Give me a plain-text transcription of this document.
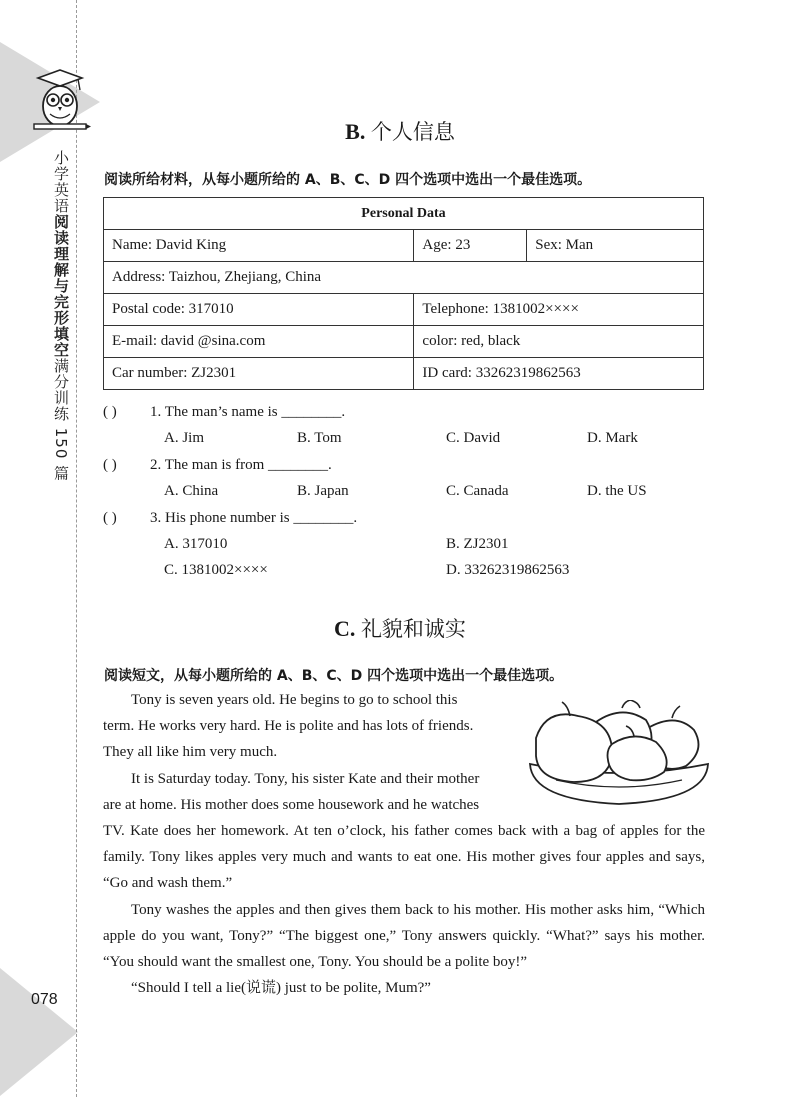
小学英语阅读理解与完形填空满分训练 150 篇
078
B. 个人信息
阅读所给材料，从每小题所给的 A、B、C、D 四个选项中选出一个最佳选项。
Personal Data		
Name: David King	Age: 23	Sex: Man
Address: Taizhou, Zhejiang, China		
Postal code: 317010	Telephone: 1381002××××	
E-mail: david @sina.com	color: red, black	
Car number: ZJ2301	ID card: 33262319862563	
( ) 1. The man’s name is ________.
A. Jim	B. Tom	C. David	D. Mark
( ) 2. The man is from ________.
A. China	B. Japan	C. Canada	D. the US
( ) 3. His phone number is ________.
A. 317010	B. ZJ2301
C. 1381002××××	D. 33262319862563
C. 礼貌和诚实
阅读短文，从每小题所给的 A、B、C、D 四个选项中选出一个最佳选项。
Tony is seven years old. He begins to go to school this
term. He works very hard. He is polite and has lots of friends.
They all like him very much.
It is Saturday today. Tony, his sister Kate and their mother
are at home. His mother does some housework and he watches
TV. Kate does her homework. At ten o’clock, his father comes back with a bag of apples for the family. Tony likes apples very much and wants to eat one. His mother gives four apples and says, “Go and wash them.”
Tony washes the apples and then gives them back to his mother. His mother asks him, “Which apple do you want, Tony?” “The biggest one,” Tony answers quickly. “What?” says his mother. “You should want the smallest one, Tony. You should be a polite boy!”
“Should I tell a lie(说谎) just to be polite, Mum?”
